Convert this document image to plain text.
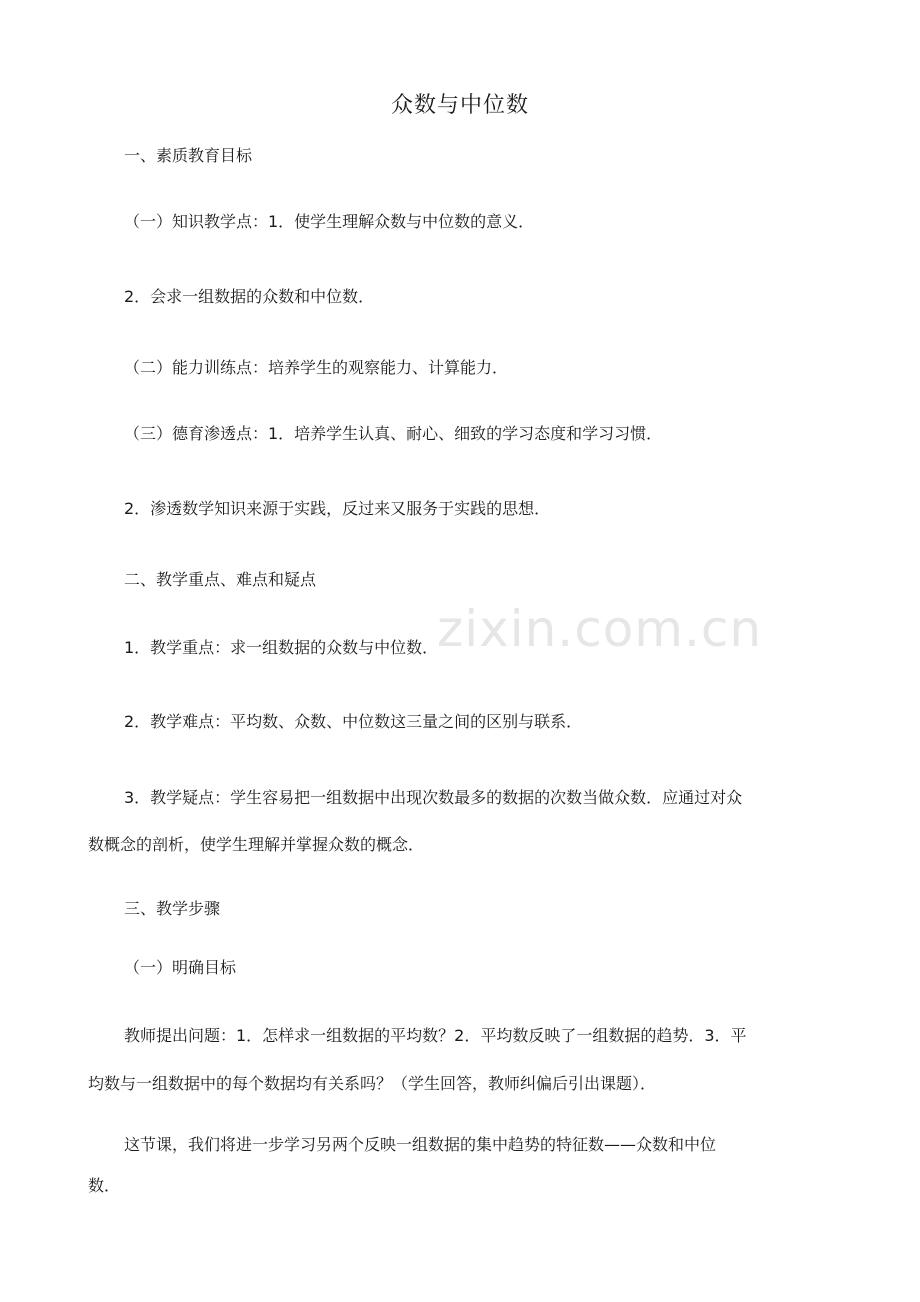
众数与中位数

一、素质教育目标

（一）知识教学点：1．使学生理解众数与中位数的意义．

2．会求一组数据的众数和中位数．

（二）能力训练点：培养学生的观察能力、计算能力．

（三）德育渗透点：1．培养学生认真、耐心、细致的学习态度和学习习惯．

2．渗透数学知识来源于实践，反过来又服务于实践的思想．

二、教学重点、难点和疑点

1．教学重点：求一组数据的众数与中位数．

2．教学难点：平均数、众数、中位数这三量之间的区别与联系．

3．教学疑点：学生容易把一组数据中出现次数最多的数据的次数当做众数．应通过对众

数概念的剖析，使学生理解并掌握众数的概念．

三、教学步骤

（一）明确目标

教师提出问题：1．怎样求一组数据的平均数？2．平均数反映了一组数据的趋势．3．平

均数与一组数据中的每个数据均有关系吗？（学生回答，教师纠偏后引出课题）．

这节课，我们将进一步学习另两个反映一组数据的集中趋势的特征数——众数和中位

数．

zixin.com.cn
